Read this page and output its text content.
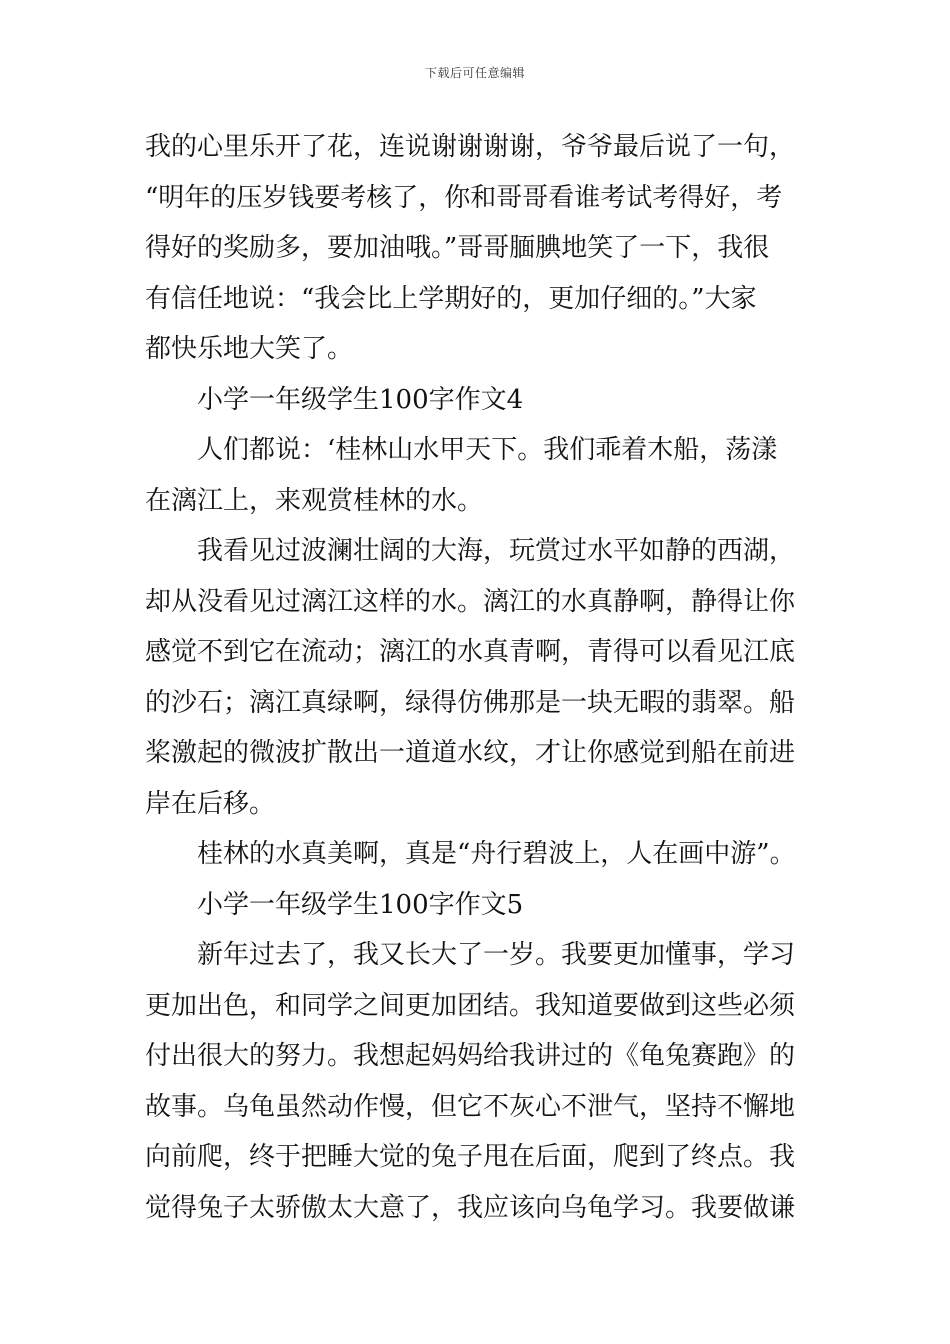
下载后可任意编辑
我的心里乐开了花，连说谢谢谢谢，爷爷最后说了一句，
“明年的压岁钱要考核了，你和哥哥看谁考试考得好，考
得好的奖励多，要加油哦。”哥哥腼腆地笑了一下，我很
有信任地说：“我会比上学期好的，更加仔细的。”大家
都快乐地大笑了。
小学一年级学生100字作文4
人们都说：‘桂林山水甲天下。我们乖着木船，荡漾
在漓江上，来观赏桂林的水。
我看见过波澜壮阔的大海，玩赏过水平如静的西湖，
却从没看见过漓江这样的水。漓江的水真静啊，静得让你
感觉不到它在流动；漓江的水真青啊，青得可以看见江底
的沙石；漓江真绿啊，绿得仿佛那是一块无暇的翡翠。船
桨激起的微波扩散出一道道水纹，才让你感觉到船在前进
岸在后移。
桂林的水真美啊，真是“舟行碧波上，人在画中游”。
小学一年级学生100字作文5
新年过去了，我又长大了一岁。我要更加懂事，学习
更加出色，和同学之间更加团结。我知道要做到这些必须
付出很大的努力。我想起妈妈给我讲过的《龟兔赛跑》的
故事。乌龟虽然动作慢，但它不灰心不泄气，坚持不懈地
向前爬，终于把睡大觉的兔子甩在后面，爬到了终点。我
觉得兔子太骄傲太大意了，我应该向乌龟学习。我要做谦
